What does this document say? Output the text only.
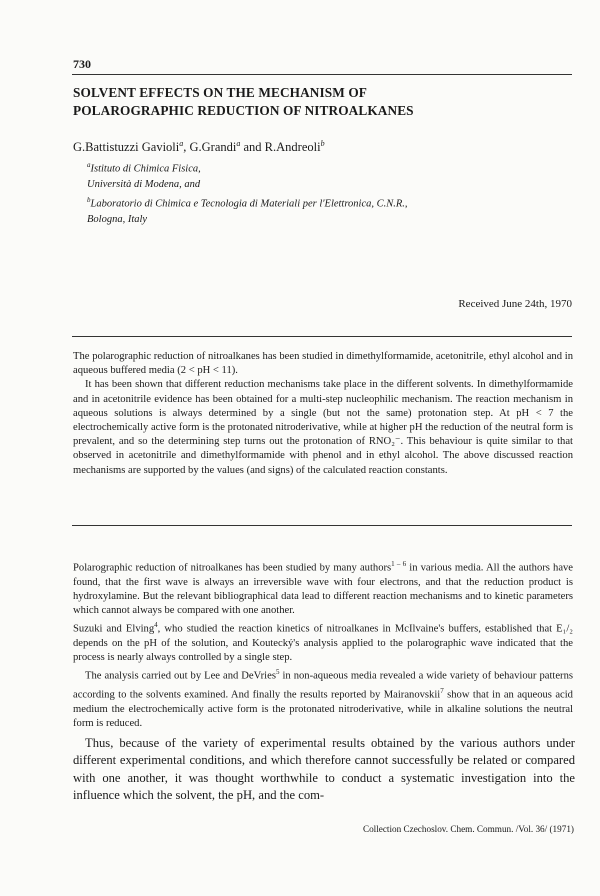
730
SOLVENT EFFECTS ON THE MECHANISM OF
POLAROGRAPHIC REDUCTION OF NITROALKANES
G.Battistuzzi Gavioli$^a$, G.Grandi$^a$ and R.Andreoli$^b$
$^a$Istituto di Chimica Fisica,
Università di Modena, and
$^b$Laboratorio di Chimica e Tecnologia di Materiali per l'Elettronica, C.N.R.,
Bologna, Italy
Received June 24th, 1970

The polarographic reduction of nitroalkanes has been studied in dimethylformamide, acetonitrile, ethyl alcohol and in aqueous buffered media (2 < pH < 11).

It has been shown that different reduction mechanisms take place in the different solvents. In dimethylformamide and in acetonitrile evidence has been obtained for a multi-step nucleophilic mechanism. The reaction mechanism in aqueous solutions is always determined by a single (but not the same) protonation step. At pH < 7 the electrochemically active form is the protonated nitroderivative, while at higher pH the reduction of the neutral form is prevalent, and so the determining step turns out the protonation of RNO₂⁻. This behaviour is quite similar to that observed in acetonitrile and dimethylformamide with phenol and in ethyl alcohol. The above discussed reaction mechanisms are supported by the values (and signs) of the calculated reaction constants.

Polarographic reduction of nitroalkanes has been studied by many authors$^{1 - 6}$ in various media. All the authors have found, that the first wave is always an irreversible wave with four electrons, and that the reduction product is hydroxylamine. But the relevant bibliographical data lead to different reaction mechanisms and to kinetic parameters which cannot always be compared with one another.

Suzuki and Elving$^4$, who studied the reaction kinetics of nitroalkanes in McIlvaine's buffers, established that E₁/₂ depends on the pH of the solution, and Koutecký's analysis applied to the polarographic wave indicated that the process is nearly always controlled by a single step.

The analysis carried out by Lee and DeVries$^5$ in non-aqueous media revealed a wide variety of behaviour patterns according to the solvents examined. And finally the results reported by Mairanovskii$^7$ show that in an aqueous acid medium the electrochemically active form is the protonated nitroderivative, while in alkaline solutions the neutral form is reduced.

Thus, because of the variety of experimental results obtained by the various authors under different experimental conditions, and which therefore cannot successfully be related or compared with one another, it was thought worthwhile to conduct a systematic investigation into the influence which the solvent, the pH, and the com-

Collection Czechoslov. Chem. Commun. /Vol. 36/ (1971)
